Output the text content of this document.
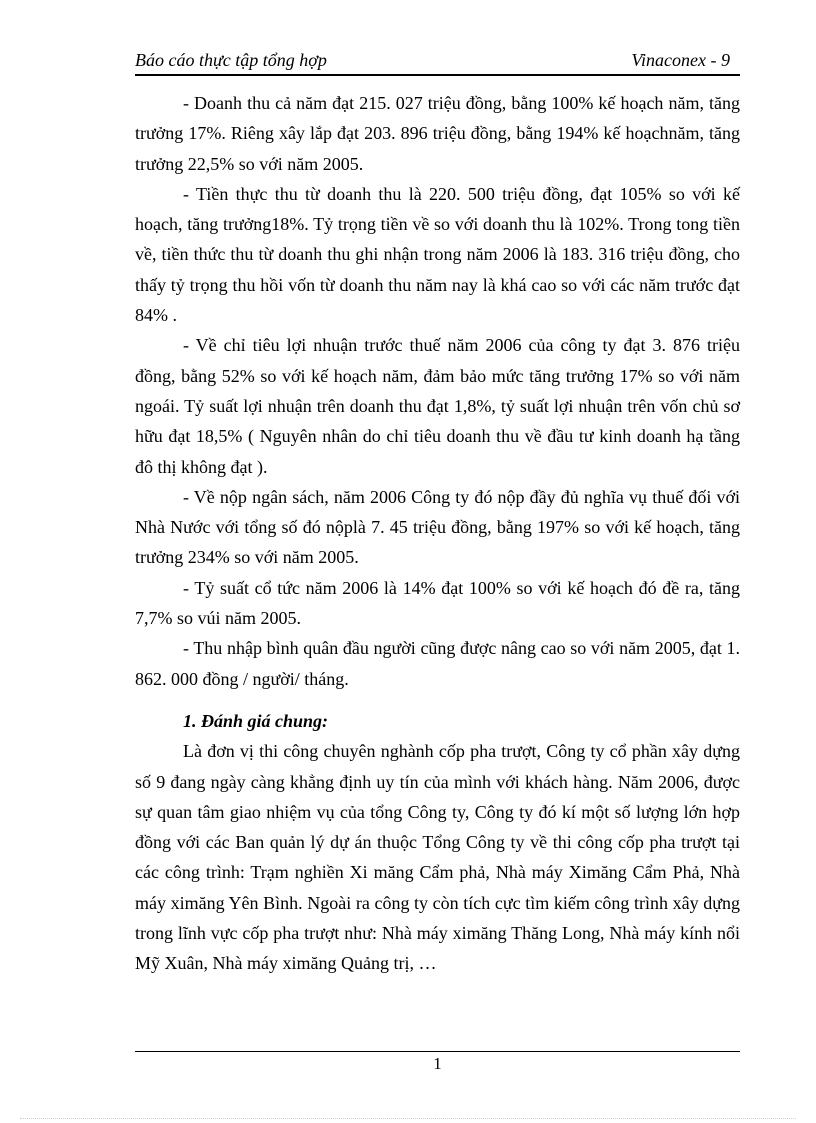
Báo cáo thực tập tổng hợp	Vinaconex - 9

- Doanh thu cả năm đạt 215. 027 triệu đồng, bằng 100% kế hoạch năm, tăng trưởng 17%. Riêng xây lắp đạt 203. 896 triệu đồng, bằng 194% kế hoạchnăm, tăng trưởng 22,5% so với năm 2005.

- Tiền thực thu từ doanh thu là 220. 500 triệu đồng, đạt 105% so với kế hoạch, tăng trưởng18%. Tỷ trọng tiền về so với doanh thu là 102%. Trong tong tiền về, tiền thức thu từ doanh thu ghi nhận trong năm 2006 là 183. 316 triệu đồng, cho thấy tỷ trọng thu hồi vốn từ doanh thu năm nay là khá cao so với các năm trước đạt 84% .

- Về chỉ tiêu lợi nhuận trước thuế năm 2006 của công ty đạt 3. 876 triệu đồng, bằng 52% so với kế hoạch năm, đảm bảo mức tăng trưởng 17% so với năm ngoái. Tỷ suất lợi nhuận trên doanh thu đạt 1,8%, tỷ suất lợi nhuận trên vốn chủ sơ hữu đạt 18,5% ( Nguyên nhân do chỉ tiêu doanh thu về đầu tư kinh doanh hạ tầng đô thị không đạt ).

- Về nộp ngân sách, năm 2006 Công ty đó nộp đầy đủ nghĩa vụ thuế đối với Nhà Nước với tổng số đó nộplà 7. 45 triệu đồng, bằng 197% so với kế hoạch, tăng trưởng 234% so với năm 2005.

- Tỷ suất cổ tức năm 2006 là 14% đạt 100% so với kế hoạch đó đề ra, tăng 7,7% so vúi năm 2005.

- Thu nhập bình quân đầu người cũng được nâng cao so với năm 2005, đạt 1. 862. 000 đồng / người/ tháng.

1. Đánh giá chung:

Là đơn vị thi công chuyên nghành cốp pha trượt, Công ty cổ phần xây dựng số 9 đang ngày càng khẳng định uy tín của mình với khách hàng. Năm 2006, được sự quan tâm giao nhiệm vụ của tổng Công ty, Công ty đó kí một số lượng lớn hợp đồng với các Ban quản lý dự án thuộc Tổng Công ty về thi công cốp pha trượt tại các công trình: Trạm nghiền Xi măng Cẩm phả, Nhà máy Ximăng Cẩm Phả, Nhà máy ximăng Yên Bình. Ngoài ra công ty còn tích cực tìm kiếm công trình xây dựng trong lĩnh vực cốp pha trượt như: Nhà máy ximăng Thăng Long, Nhà máy kính nổi Mỹ Xuân, Nhà máy ximăng Quảng trị, …

1
